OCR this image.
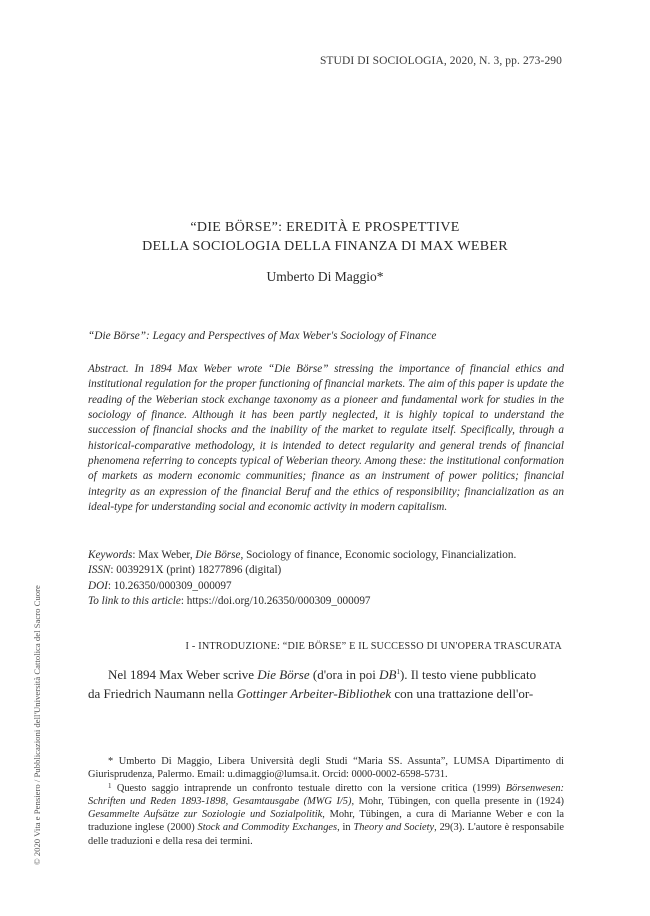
STUDI DI SOCIOLOGIA, 2020, N. 3, pp. 273-290
“DIE BÖRSE”: EREDITÀ E PROSPETTIVE
DELLA SOCIOLOGIA DELLA FINANZA DI MAX WEBER
Umberto Di Maggio*
“Die Börse”: Legacy and Perspectives of Max Weber's Sociology of Finance
Abstract. In 1894 Max Weber wrote “Die Börse” stressing the importance of financial ethics and institutional regulation for the proper functioning of financial markets. The aim of this paper is update the reading of the Weberian stock exchange taxonomy as a pioneer and fundamental work for studies in the sociology of finance. Although it has been partly neglected, it is highly topical to understand the succession of financial shocks and the inability of the market to regulate itself. Specifically, through a historical-comparative methodology, it is intended to detect regularity and general trends of financial phenomena referring to concepts typical of Weberian theory. Among these: the institutional conformation of markets as modern economic communities; finance as an instrument of power politics; financial integrity as an expression of the financial Beruf and the ethics of responsibility; financialization as an ideal-type for understanding social and economic activity in modern capitalism.
Keywords: Max Weber, Die Börse, Sociology of finance, Economic sociology, Financialization.
ISSN: 0039291X (print) 18277896 (digital)
DOI: 10.26350/000309_000097
To link to this article: https://doi.org/10.26350/000309_000097
I - INTRODUZIONE: “DIE BÖRSE” E IL SUCCESSO DI UN'OPERA TRASCURATA
Nel 1894 Max Weber scrive Die Börse (d'ora in poi $DB^1$). Il testo viene pubblicato
da Friedrich Naumann nella Gottinger Arbeiter-Bibliothek con una trattazione dell'or-
* Umberto Di Maggio, Libera Università degli Studi “Maria SS. Assunta”, LUMSA Dipartimento di Giurisprudenza, Palermo. Email: u.dimaggio@lumsa.it. Orcid: 0000-0002-6598-5731.
$^1$ Questo saggio intraprende un confronto testuale diretto con la versione critica (1999) Börsenwesen: Schriften und Reden 1893-1898, Gesamtausgabe (MWG I/5), Mohr, Tübingen, con quella presente in (1924) Gesammelte Aufsätze zur Soziologie und Sozialpolitik, Mohr, Tübingen, a cura di Marianne Weber e con la traduzione inglese (2000) Stock and Commodity Exchanges, in Theory and Society, 29(3). L'autore è responsabile delle traduzioni e della resa dei termini.
© 2020 Vita e Pensiero / Pubblicazioni dell'Università Cattolica del Sacro Cuore
